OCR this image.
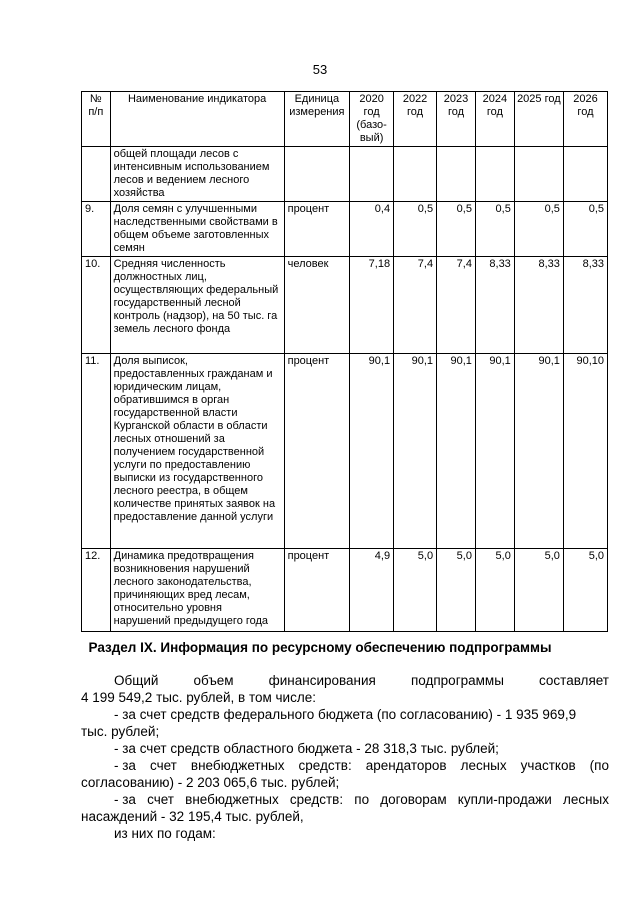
53
№ п/п	Наименование индикатора	Единица измерения	2020 год (базо-вый)	2022 год	2023 год	2024 год	2025 год	2026 год
	общей площади лесов с интенсивным использованием лесов и ведением лесного хозяйства							
9.	Доля семян с улучшенными наследственными свойствами в общем объеме заготовленных семян	процент	0,4	0,5	0,5	0,5	0,5	0,5
10.	Средняя численность должностных лиц, осуществляющих федеральный государственный лесной контроль (надзор), на 50 тыс. га земель лесного фонда	человек	7,18	7,4	7,4	8,33	8,33	8,33
11.	Доля выписок, предоставленных гражданам и юридическим лицам, обратившимся в орган государственной власти Курганской области в области лесных отношений за получением государственной услуги по предоставлению выписки из государственного лесного реестра, в общем количестве принятых заявок на предоставление данной услуги	процент	90,1	90,1	90,1	90,1	90,1	90,10
12.	Динамика предотвращения возникновения нарушений лесного законодательства, причиняющих вред лесам, относительно уровня нарушений предыдущего года	процент	4,9	5,0	5,0	5,0	5,0	5,0
Раздел IX. Информация по ресурсному обеспечению подпрограммы
Общий	объем	финансирования	подпрограммы	составляет
4 199 549,2 тыс. рублей, в том числе:
- за счет средств федерального бюджета (по согласованию) - 1 935 969,9
тыс. рублей;
- за счет средств областного бюджета - 28 318,3 тыс. рублей;
- за счет внебюджетных средств: арендаторов лесных участков (по
согласованию) - 2 203 065,6 тыс. рублей;
- за счет внебюджетных средств: по договорам купли-продажи лесных
насаждений - 32 195,4 тыс. рублей,
из них по годам:
